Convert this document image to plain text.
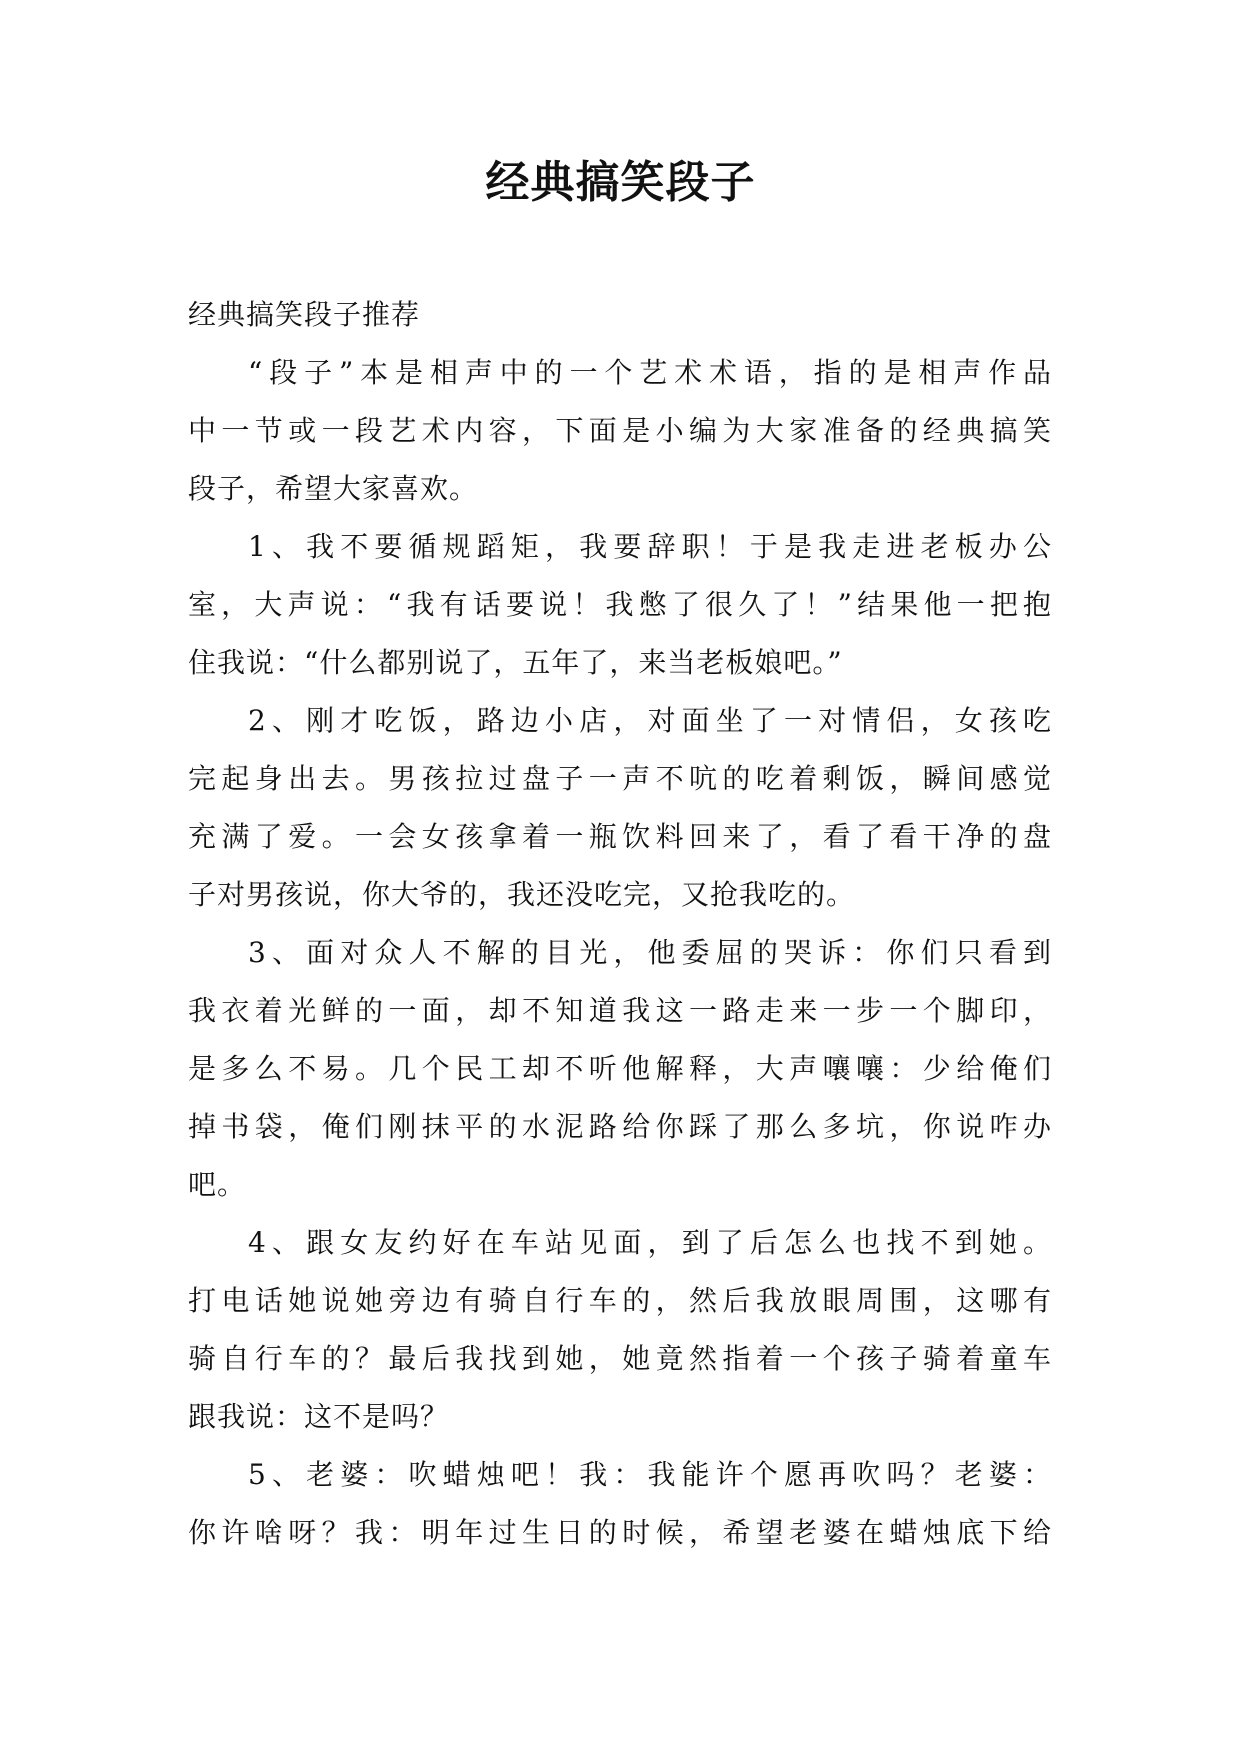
经典搞笑段子

经典搞笑段子推荐

“段子”本是相声中的一个艺术术语，指的是相声作品
中一节或一段艺术内容，下面是小编为大家准备的经典搞笑
段子，希望大家喜欢。

1、我不要循规蹈矩，我要辞职！于是我走进老板办公
室，大声说：“我有话要说！我憋了很久了！”结果他一把抱
住我说：“什么都别说了，五年了，来当老板娘吧。”

2、刚才吃饭，路边小店，对面坐了一对情侣，女孩吃
完起身出去。男孩拉过盘子一声不吭的吃着剩饭，瞬间感觉
充满了爱。一会女孩拿着一瓶饮料回来了，看了看干净的盘
子对男孩说，你大爷的，我还没吃完，又抢我吃的。

3、面对众人不解的目光，他委屈的哭诉：你们只看到
我衣着光鲜的一面，却不知道我这一路走来一步一个脚印，
是多么不易。几个民工却不听他解释，大声嚷嚷：少给俺们
掉书袋，俺们刚抹平的水泥路给你踩了那么多坑，你说咋办
吧。

4、跟女友约好在车站见面，到了后怎么也找不到她。
打电话她说她旁边有骑自行车的，然后我放眼周围，这哪有
骑自行车的？最后我找到她，她竟然指着一个孩子骑着童车
跟我说：这不是吗？

5、老婆：吹蜡烛吧！我：我能许个愿再吹吗？老婆：
你许啥呀？我：明年过生日的时候，希望老婆在蜡烛底下给
